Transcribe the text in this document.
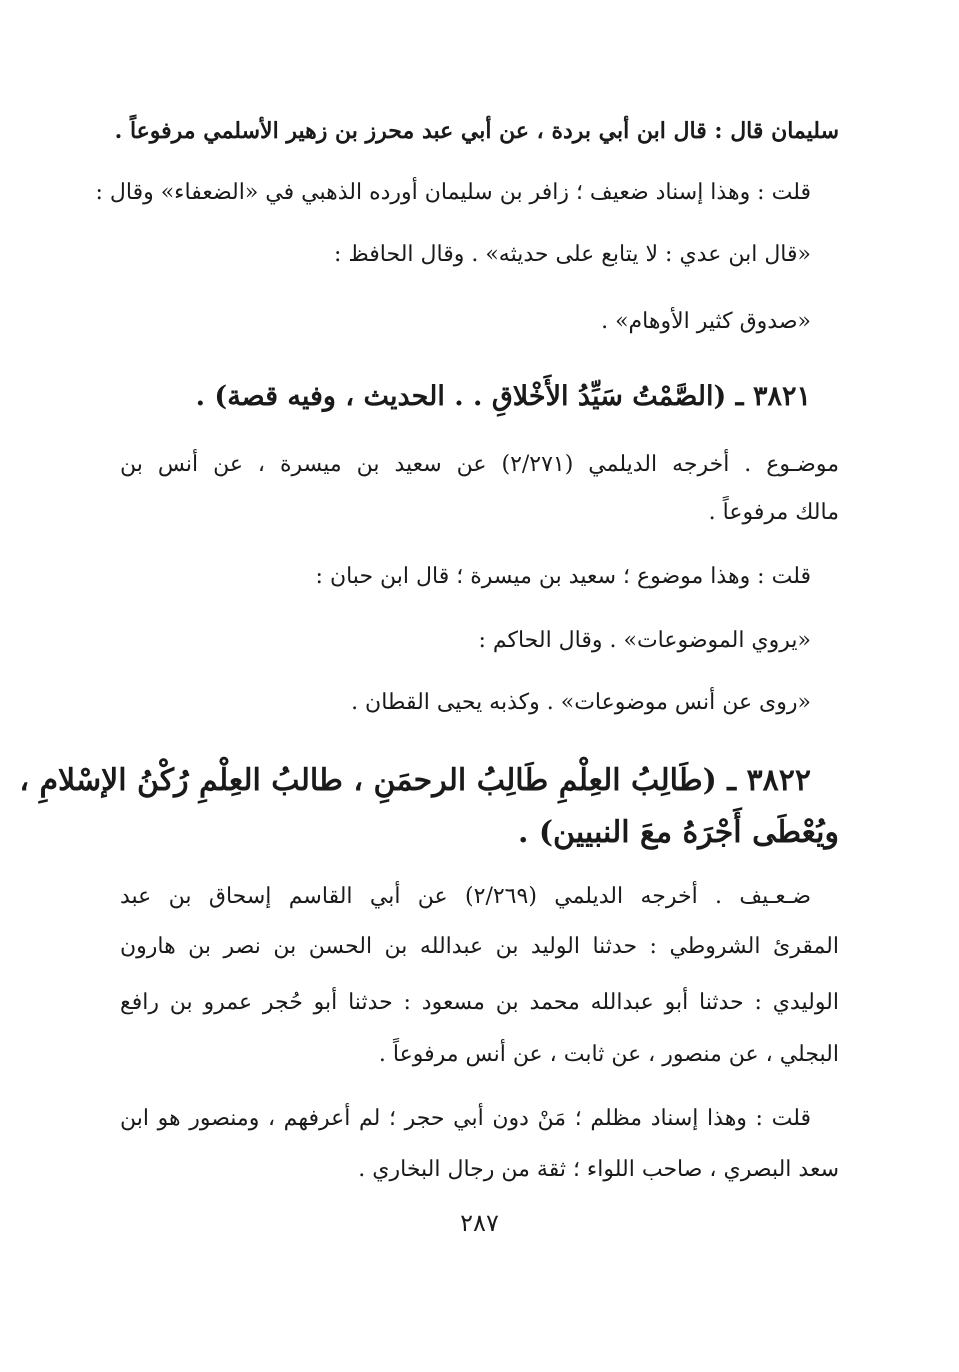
سليمان قال : قال ابن أبي بردة ، عن أبي عبد محرز بن زهير الأسلمي مرفوعاً .
قلت : وهذا إسناد ضعيف ؛ زافر بن سليمان أورده الذهبي في «الضعفاء» وقال :
«قال ابن عدي : لا يتابع على حديثه» . وقال الحافظ :
«صدوق كثير الأوهام» .
٣٨٢١ ـ (الصَّمْتُ سَيِّدُ الأَخْلاقِ . . الحديث ، وفيه قصة) .
موضـوع . أخرجه الديلمي (٢/٢٧١) عن سعيد بن ميسرة ، عن أنس بن
مالك مرفوعاً .
قلت : وهذا موضوع ؛ سعيد بن ميسرة ؛ قال ابن حبان :
«يروي الموضوعات» . وقال الحاكم :
«روى عن أنس موضوعات» . وكذبه يحيى القطان .
٣٨٢٢ ـ (طَالِبُ العِلْمِ طَالِبُ الرحمَنِ ، طالبُ العِلْمِ رُكْنُ الإسْلامِ ،
ويُعْطَى أَجْرَهُ معَ النبيين) .
ضـعـيف . أخرجه الديلمي (٢/٢٦٩) عن أبي القاسم إسحاق بن عبد
المقرئ الشروطي : حدثنا الوليد بن عبدالله بن الحسن بن نصر بن هارون
الوليدي : حدثنا أبو عبدالله محمد بن مسعود : حدثنا أبو حُجر عمرو بن رافع
البجلي ، عن منصور ، عن ثابت ، عن أنس مرفوعاً .
قلت : وهذا إسناد مظلم ؛ مَنْ دون أبي حجر ؛ لم أعرفهم ، ومنصور هو ابن
سعد البصري ، صاحب اللواء ؛ ثقة من رجال البخاري .
٢٨٧
